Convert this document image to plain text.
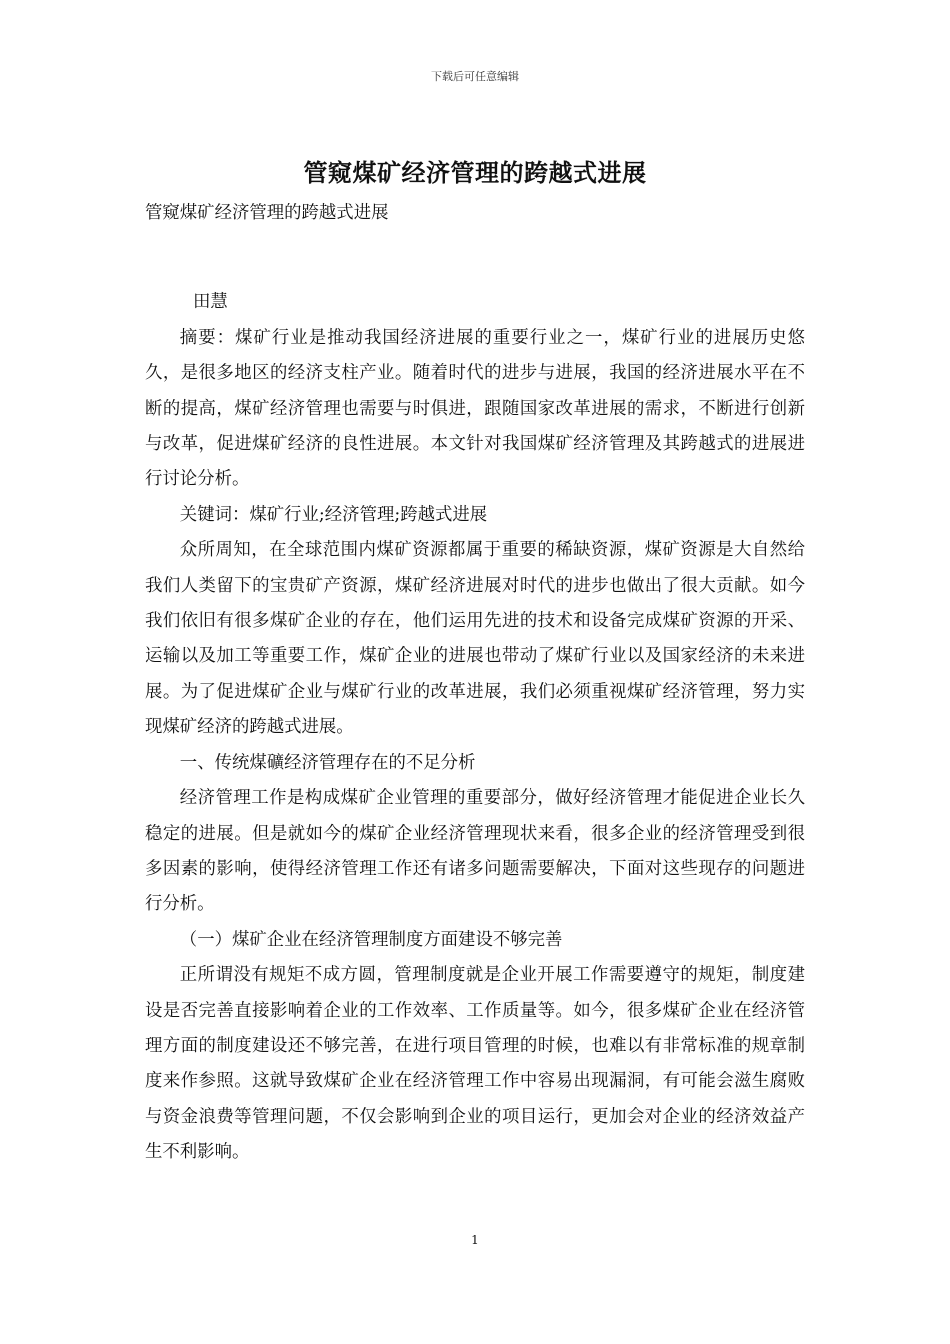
下载后可任意编辑
管窥煤矿经济管理的跨越式进展

管窥煤矿经济管理的跨越式进展

田慧

摘要：煤矿行业是推动我国经济进展的重要行业之一，煤矿行业的进展历史悠久，是很多地区的经济支柱产业。随着时代的进步与进展，我国的经济进展水平在不断的提高，煤矿经济管理也需要与时俱进，跟随国家改革进展的需求，不断进行创新与改革，促进煤矿经济的良性进展。本文针对我国煤矿经济管理及其跨越式的进展进行讨论分析。

关键词：煤矿行业;经济管理;跨越式进展

众所周知，在全球范围内煤矿资源都属于重要的稀缺资源，煤矿资源是大自然给我们人类留下的宝贵矿产资源，煤矿经济进展对时代的进步也做出了很大贡献。如今我们依旧有很多煤矿企业的存在，他们运用先进的技术和设备完成煤矿资源的开采、运输以及加工等重要工作，煤矿企业的进展也带动了煤矿行业以及国家经济的未来进展。为了促进煤矿企业与煤矿行业的改革进展，我们必须重视煤矿经济管理，努力实现煤矿经济的跨越式进展。

一、传统煤礦经济管理存在的不足分析

经济管理工作是构成煤矿企业管理的重要部分，做好经济管理才能促进企业长久稳定的进展。但是就如今的煤矿企业经济管理现状来看，很多企业的经济管理受到很多因素的影响，使得经济管理工作还有诸多问题需要解决，下面对这些现存的问题进行分析。

（一）煤矿企业在经济管理制度方面建设不够完善

正所谓没有规矩不成方圆，管理制度就是企业开展工作需要遵守的规矩，制度建设是否完善直接影响着企业的工作效率、工作质量等。如今，很多煤矿企业在经济管理方面的制度建设还不够完善，在进行项目管理的时候，也难以有非常标准的规章制度来作参照。这就导致煤矿企业在经济管理工作中容易出现漏洞，有可能会滋生腐败与资金浪费等管理问题，不仅会影响到企业的项目运行，更加会对企业的经济效益产生不利影响。

1
